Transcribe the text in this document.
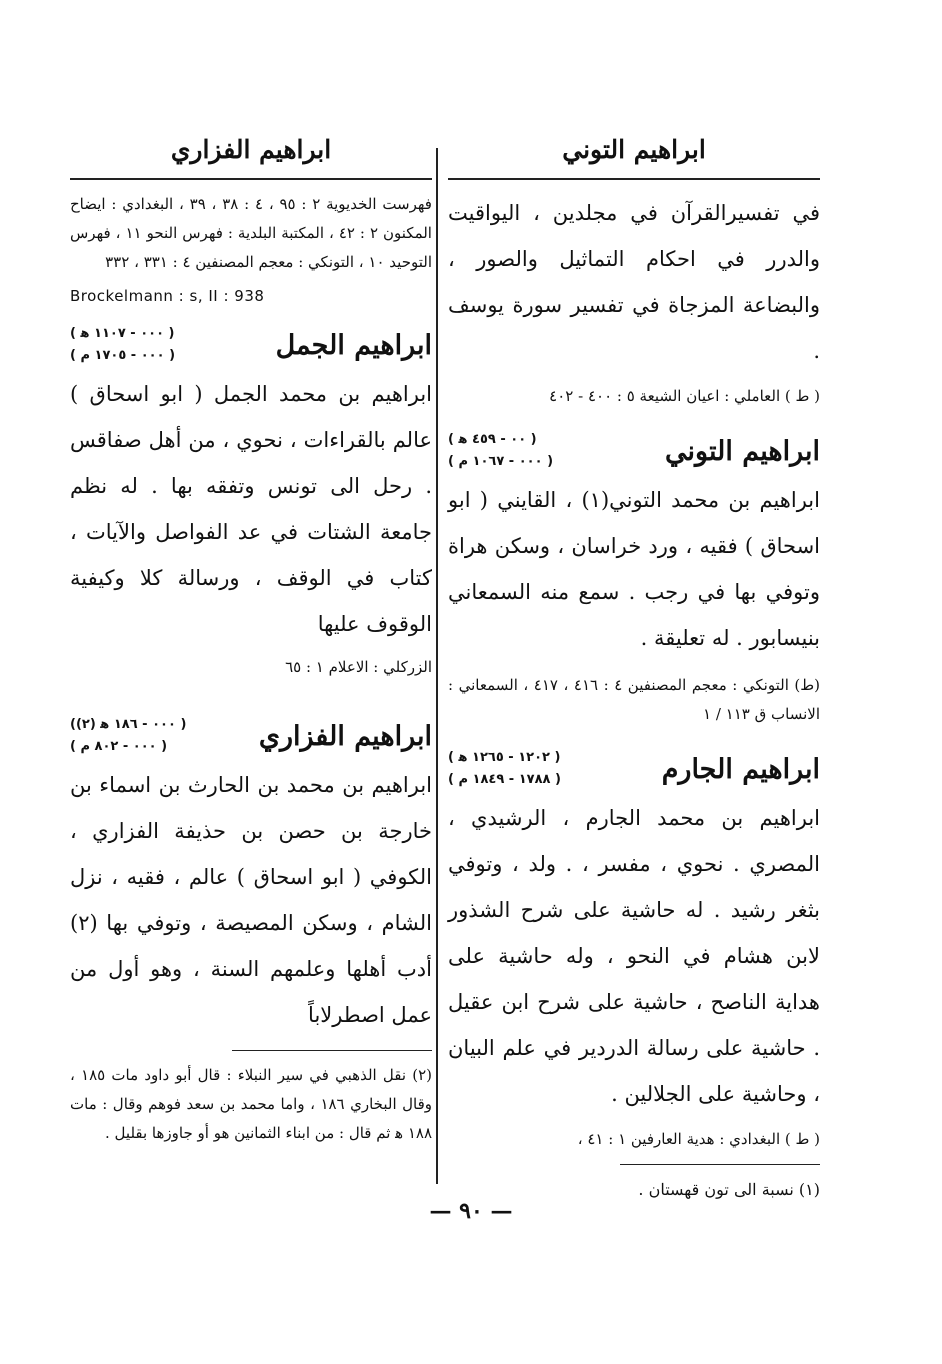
ابراهيم التوني

في تفسيرالقرآن في مجلدين ، اليواقيت والدرر في احكام التماثيل والصور ، والبضاعة المزجاة في تفسير سورة يوسف .

( ط ) العاملي : اعيان الشيعة ٥ : ٤٠٠ - ٤٠٢

ابراهيم التوني
( ٠٠ - ٤٥٩ ﻫ )
( ٠٠٠ - ١٠٦٧ م )

ابراهيم بن محمد التوني(١) ، القايني ( ابو اسحاق ) فقيه ، ورد خراسان ، وسكن هراة وتوفي بها في رجب . سمع منه السمعاني بنيسابور . له تعليقة .

(ط) التونكي : معجم المصنفين ٤ : ٤١٦ ، ٤١٧ ، السمعاني : الانساب ق ١١٣ / ١

ابراهيم الجارم
( ١٢٠٢ - ١٢٦٥ ﻫ )
( ١٧٨٨ - ١٨٤٩ م )

ابراهيم بن محمد الجارم ، الرشيدي ، المصري . نحوي ، مفسر ، . ولد ، وتوفي بثغر رشيد . له حاشية على شرح الشذور لابن هشام في النحو ، وله حاشية على هداية الناصح ، حاشية على شرح ابن عقيل . حاشية على رسالة الدردير في علم البيان ، وحاشية على الجلالين .

( ط ) البغدادي : هدية العارفين ١ : ٤١ ،

(١) نسبة الى تون قهستان .

ابراهيم الفزاري

فهرست الخديوية ٢ : ٩٥ ، ٤ : ٣٨ ، ٣٩ ، البغدادي : ايضاح المكنون ٢ : ٤٢ ، المكتبة البلدية : فهرس النحو ١١ ، فهرس التوحيد ١٠ ، التونكي : معجم المصنفين ٤ : ٣٣١ ، ٣٣٢

Brockelmann : s, II : 938
ابراهيم الجمل
( ٠٠٠ - ١١٠٧ ﻫ )
( ٠٠٠ - ١٧٠٥ م )

ابراهيم بن محمد الجمل ( ابو اسحاق ) عالم بالقراءات ، نحوي ، من أهل صفاقس . رحل الى تونس وتفقه بها . له نظم جامعة الشتات في عد الفواصل والآيات ، كتاب في الوقف ، ورسالة كلا وكيفية الوقوف عليها

الزركلي : الاعلام ١ : ٦٥

ابراهيم الفزاري
( ٠٠٠ - ١٨٦ ﻫ (٢))
( ٠٠٠ - ٨٠٢ م )

ابراهيم بن محمد بن الحارث بن اسماء بن خارجة بن حصن بن حذيفة الفزاري ، الكوفي ( ابو اسحاق ) عالم ، فقيه ، نزل الشام ، وسكن المصيصة ، وتوفي بها (٢) أدب أهلها وعلمهم السنة ، وهو أول من عمل اصطرلاباً

(٢) نقل الذهبي في سير النبلاء : قال أبو داود مات ١٨٥ ، وقال البخاري ١٨٦ ، واما محمد بن سعد فوهم وقال : مات ١٨٨ ﻫ ثم قال : من ابناء الثمانين هو أو جاوزها بقليل .

— ٩٠ —
